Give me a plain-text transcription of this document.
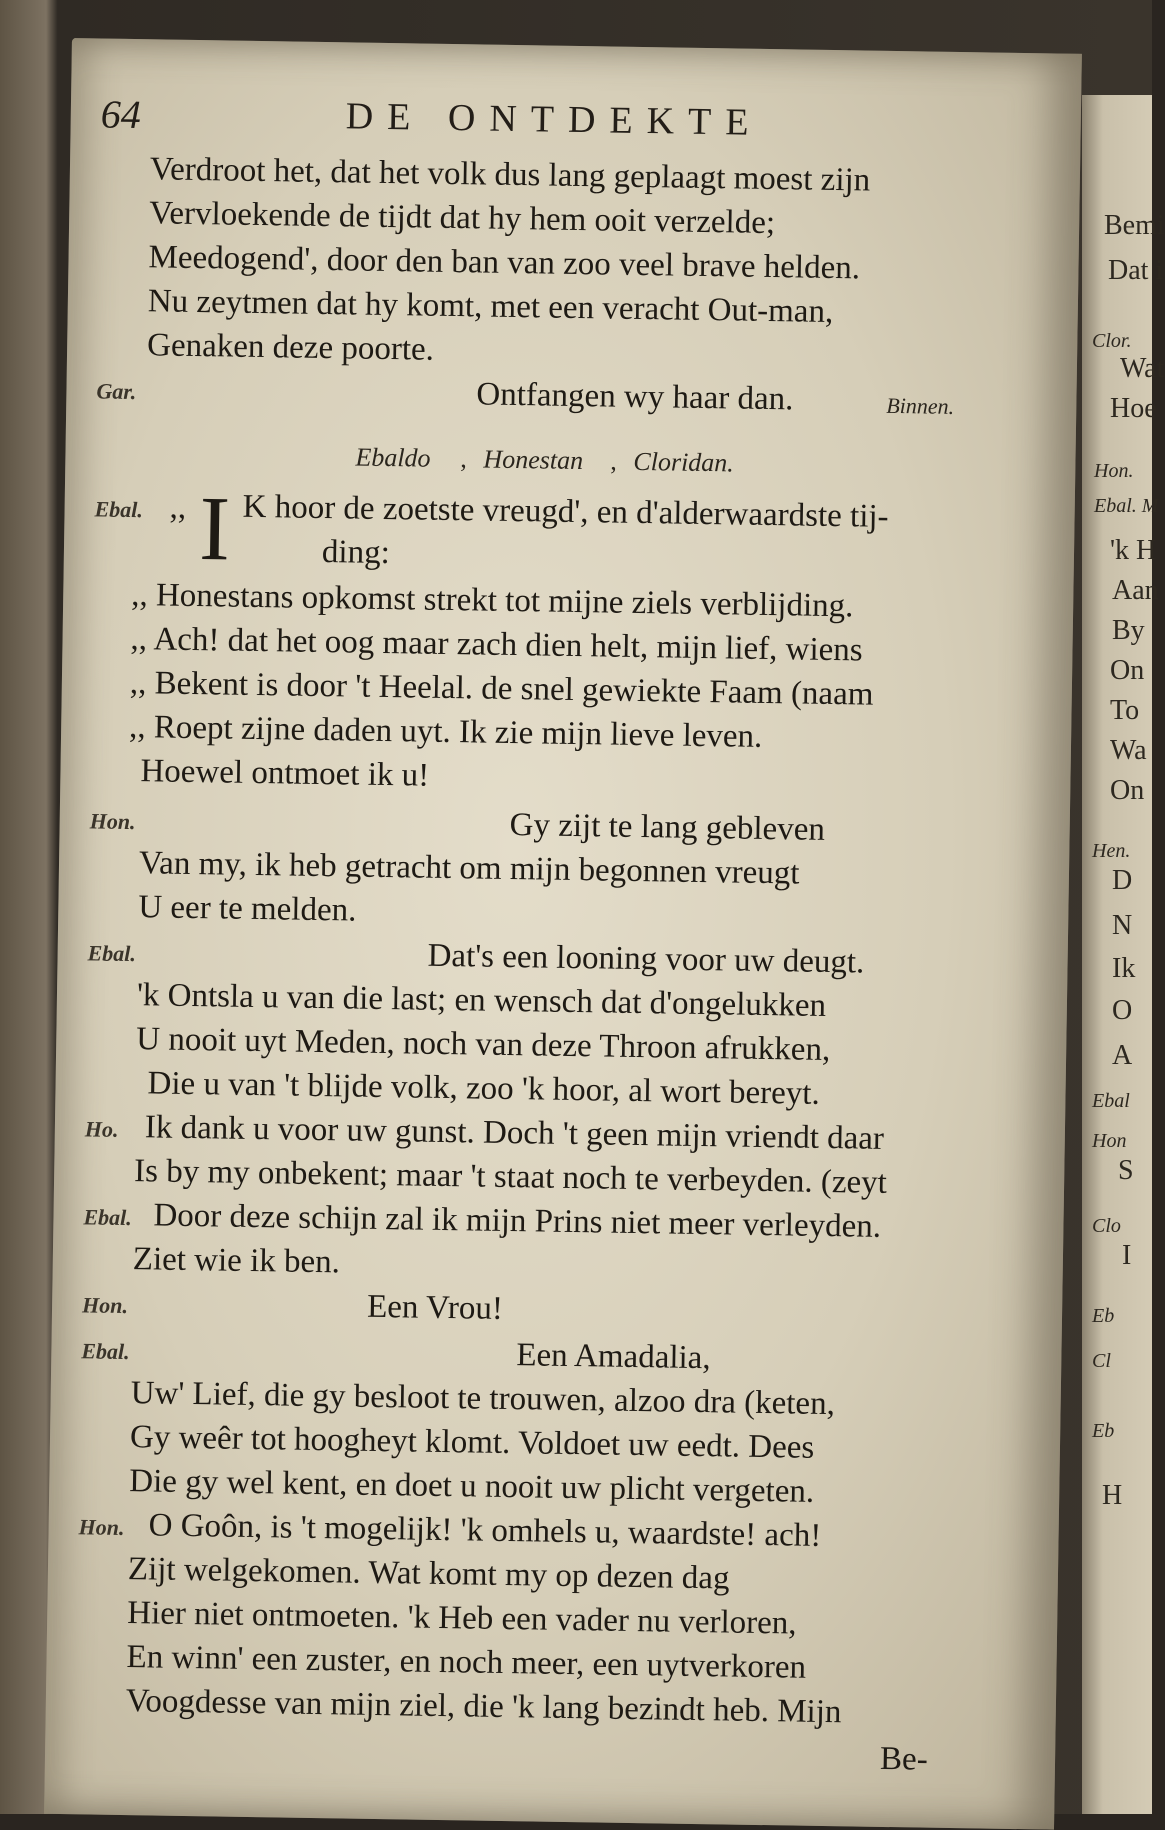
Bemi
Dat i
Clor.
Wat
Hoe
Hon.
Ebal. M
'k H
Aan
By
On
To
Wa
On
Hen.
D
N
Ik
O
A
Ebal
Hon
S
Clo
I
Eb
Cl
Eb
H
64	DE ONTDEKTE
Verdroot het, dat het volk dus lang geplaagt moest zijn
Vervloekende de tijdt dat hy hem ooit verzelde;
Meedogend', door den ban van zoo veel brave helden.
Nu zeytmen dat hy komt, met een veracht Out-man,
Genaken deze poorte.
Gar.	Ontfangen wy haar dan.	Binnen.
Ebaldo , Honestan , Cloridan.
Ebal. ,, I K hoor de zoetste vreugd', en d'alderwaardste tij-
ding:
,, Honestans opkomst strekt tot mijne ziels verblijding.
,, Ach! dat het oog maar zach dien helt, mijn lief, wiens
,, Bekent is door 't Heelal. de snel gewiekte Faam (naam
,, Roept zijne daden uyt. Ik zie mijn lieve leven.
Hoewel ontmoet ik u!
Hon.	Gy zijt te lang gebleven
Van my, ik heb getracht om mijn begonnen vreugt
U eer te melden.
Ebal.	Dat's een looning voor uw deugt.
'k Ontsla u van die last; en wensch dat d'ongelukken
U nooit uyt Meden, noch van deze Throon afrukken,
Die u van 't blijde volk, zoo 'k hoor, al wort bereyt.
Ho. Ik dank u voor uw gunst. Doch 't geen mijn vriendt daar
Is by my onbekent; maar 't staat noch te verbeyden. (zeyt
Ebal. Door deze schijn zal ik mijn Prins niet meer verleyden.
Ziet wie ik ben.
Hon.	Een Vrou!
Ebal.	Een Amadalia,
Uw' Lief, die gy besloot te trouwen, alzoo dra (keten,
Gy weêr tot hoogheyt klomt. Voldoet uw eedt. Dees
Die gy wel kent, en doet u nooit uw plicht vergeten.
Hon. O Goôn, is 't mogelijk! 'k omhels u, waardste! ach!
Zijt welgekomen. Wat komt my op dezen dag
Hier niet ontmoeten. 'k Heb een vader nu verloren,
En winn' een zuster, en noch meer, een uytverkoren
Voogdesse van mijn ziel, die 'k lang bezindt heb. Mijn
Be-
